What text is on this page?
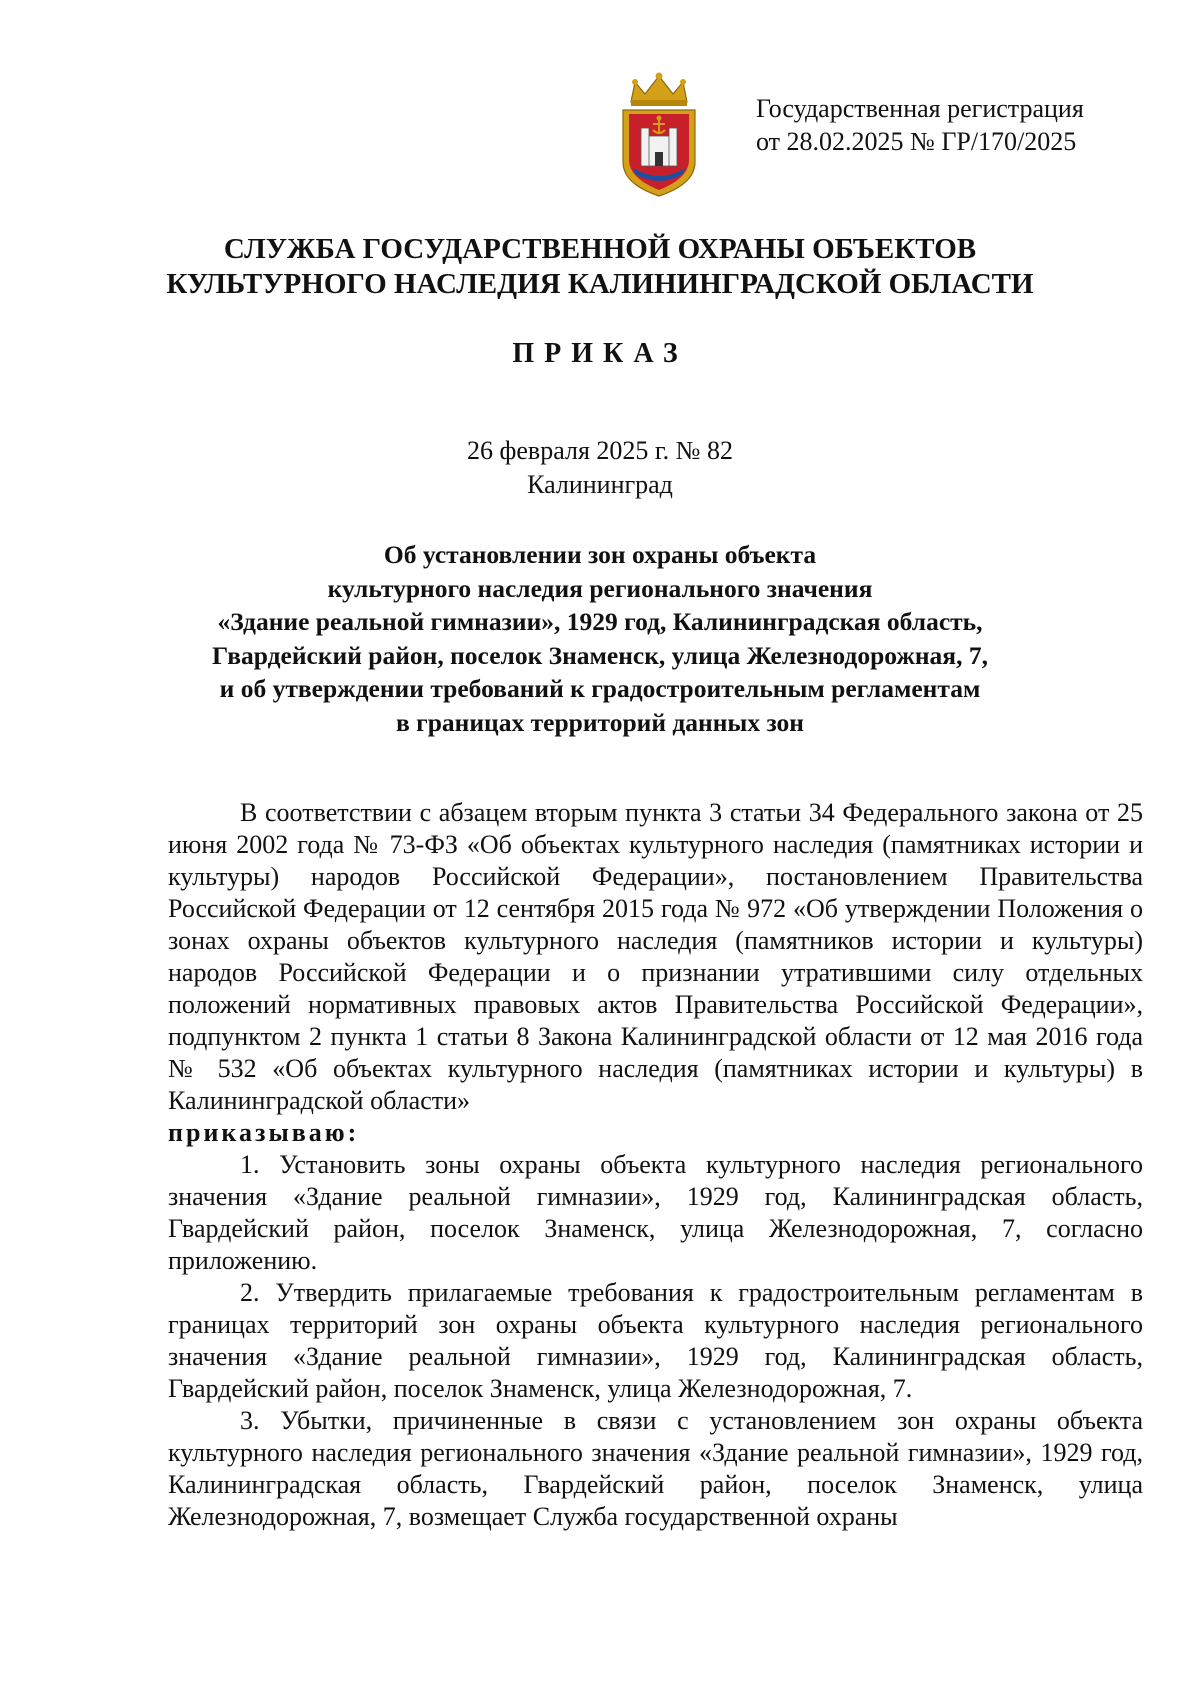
Государственная регистрация
от 28.02.2025 № ГР/170/2025
СЛУЖБА ГОСУДАРСТВЕННОЙ ОХРАНЫ ОБЪЕКТОВ
КУЛЬТУРНОГО НАСЛЕДИЯ КАЛИНИНГРАДСКОЙ ОБЛАСТИ
ПРИКАЗ
26 февраля 2025 г. № 82
Калининград
Об установлении зон охраны объекта
культурного наследия регионального значения
«Здание реальной гимназии», 1929 год, Калининградская область,
Гвардейский район, поселок Знаменск, улица Железнодорожная, 7,
и об утверждении требований к градостроительным регламентам
в границах территорий данных зон

В соответствии с абзацем вторым пункта 3 статьи 34 Федерального закона от 25 июня 2002 года № 73-ФЗ «Об объектах культурного наследия (памятниках истории и культуры) народов Российской Федерации», постановлением Правительства Российской Федерации от 12 сентября 2015 года № 972 «Об утверждении Положения о зонах охраны объектов культурного наследия (памятников истории и культуры) народов Российской Федерации и о признании утратившими силу отдельных положений нормативных правовых актов Правительства Российской Федерации», подпунктом 2 пункта 1 статьи 8 Закона Калининградской области от 12 мая 2016 года № 532 «Об объектах культурного наследия (памятниках истории и культуры) в Калининградской области»

приказываю:

1. Установить зоны охраны объекта культурного наследия регионального значения «Здание реальной гимназии», 1929 год, Калининградская область, Гвардейский район, поселок Знаменск, улица Железнодорожная, 7, согласно приложению.

2. Утвердить прилагаемые требования к градостроительным регламентам в границах территорий зон охраны объекта культурного наследия регионального значения «Здание реальной гимназии», 1929 год, Калининградская область, Гвардейский район, поселок Знаменск, улица Железнодорожная, 7.

3. Убытки, причиненные в связи с установлением зон охраны объекта культурного наследия регионального значения «Здание реальной гимназии», 1929 год, Калининградская область, Гвардейский район, поселок Знаменск, улица Железнодорожная, 7, возмещает Служба государственной охраны
